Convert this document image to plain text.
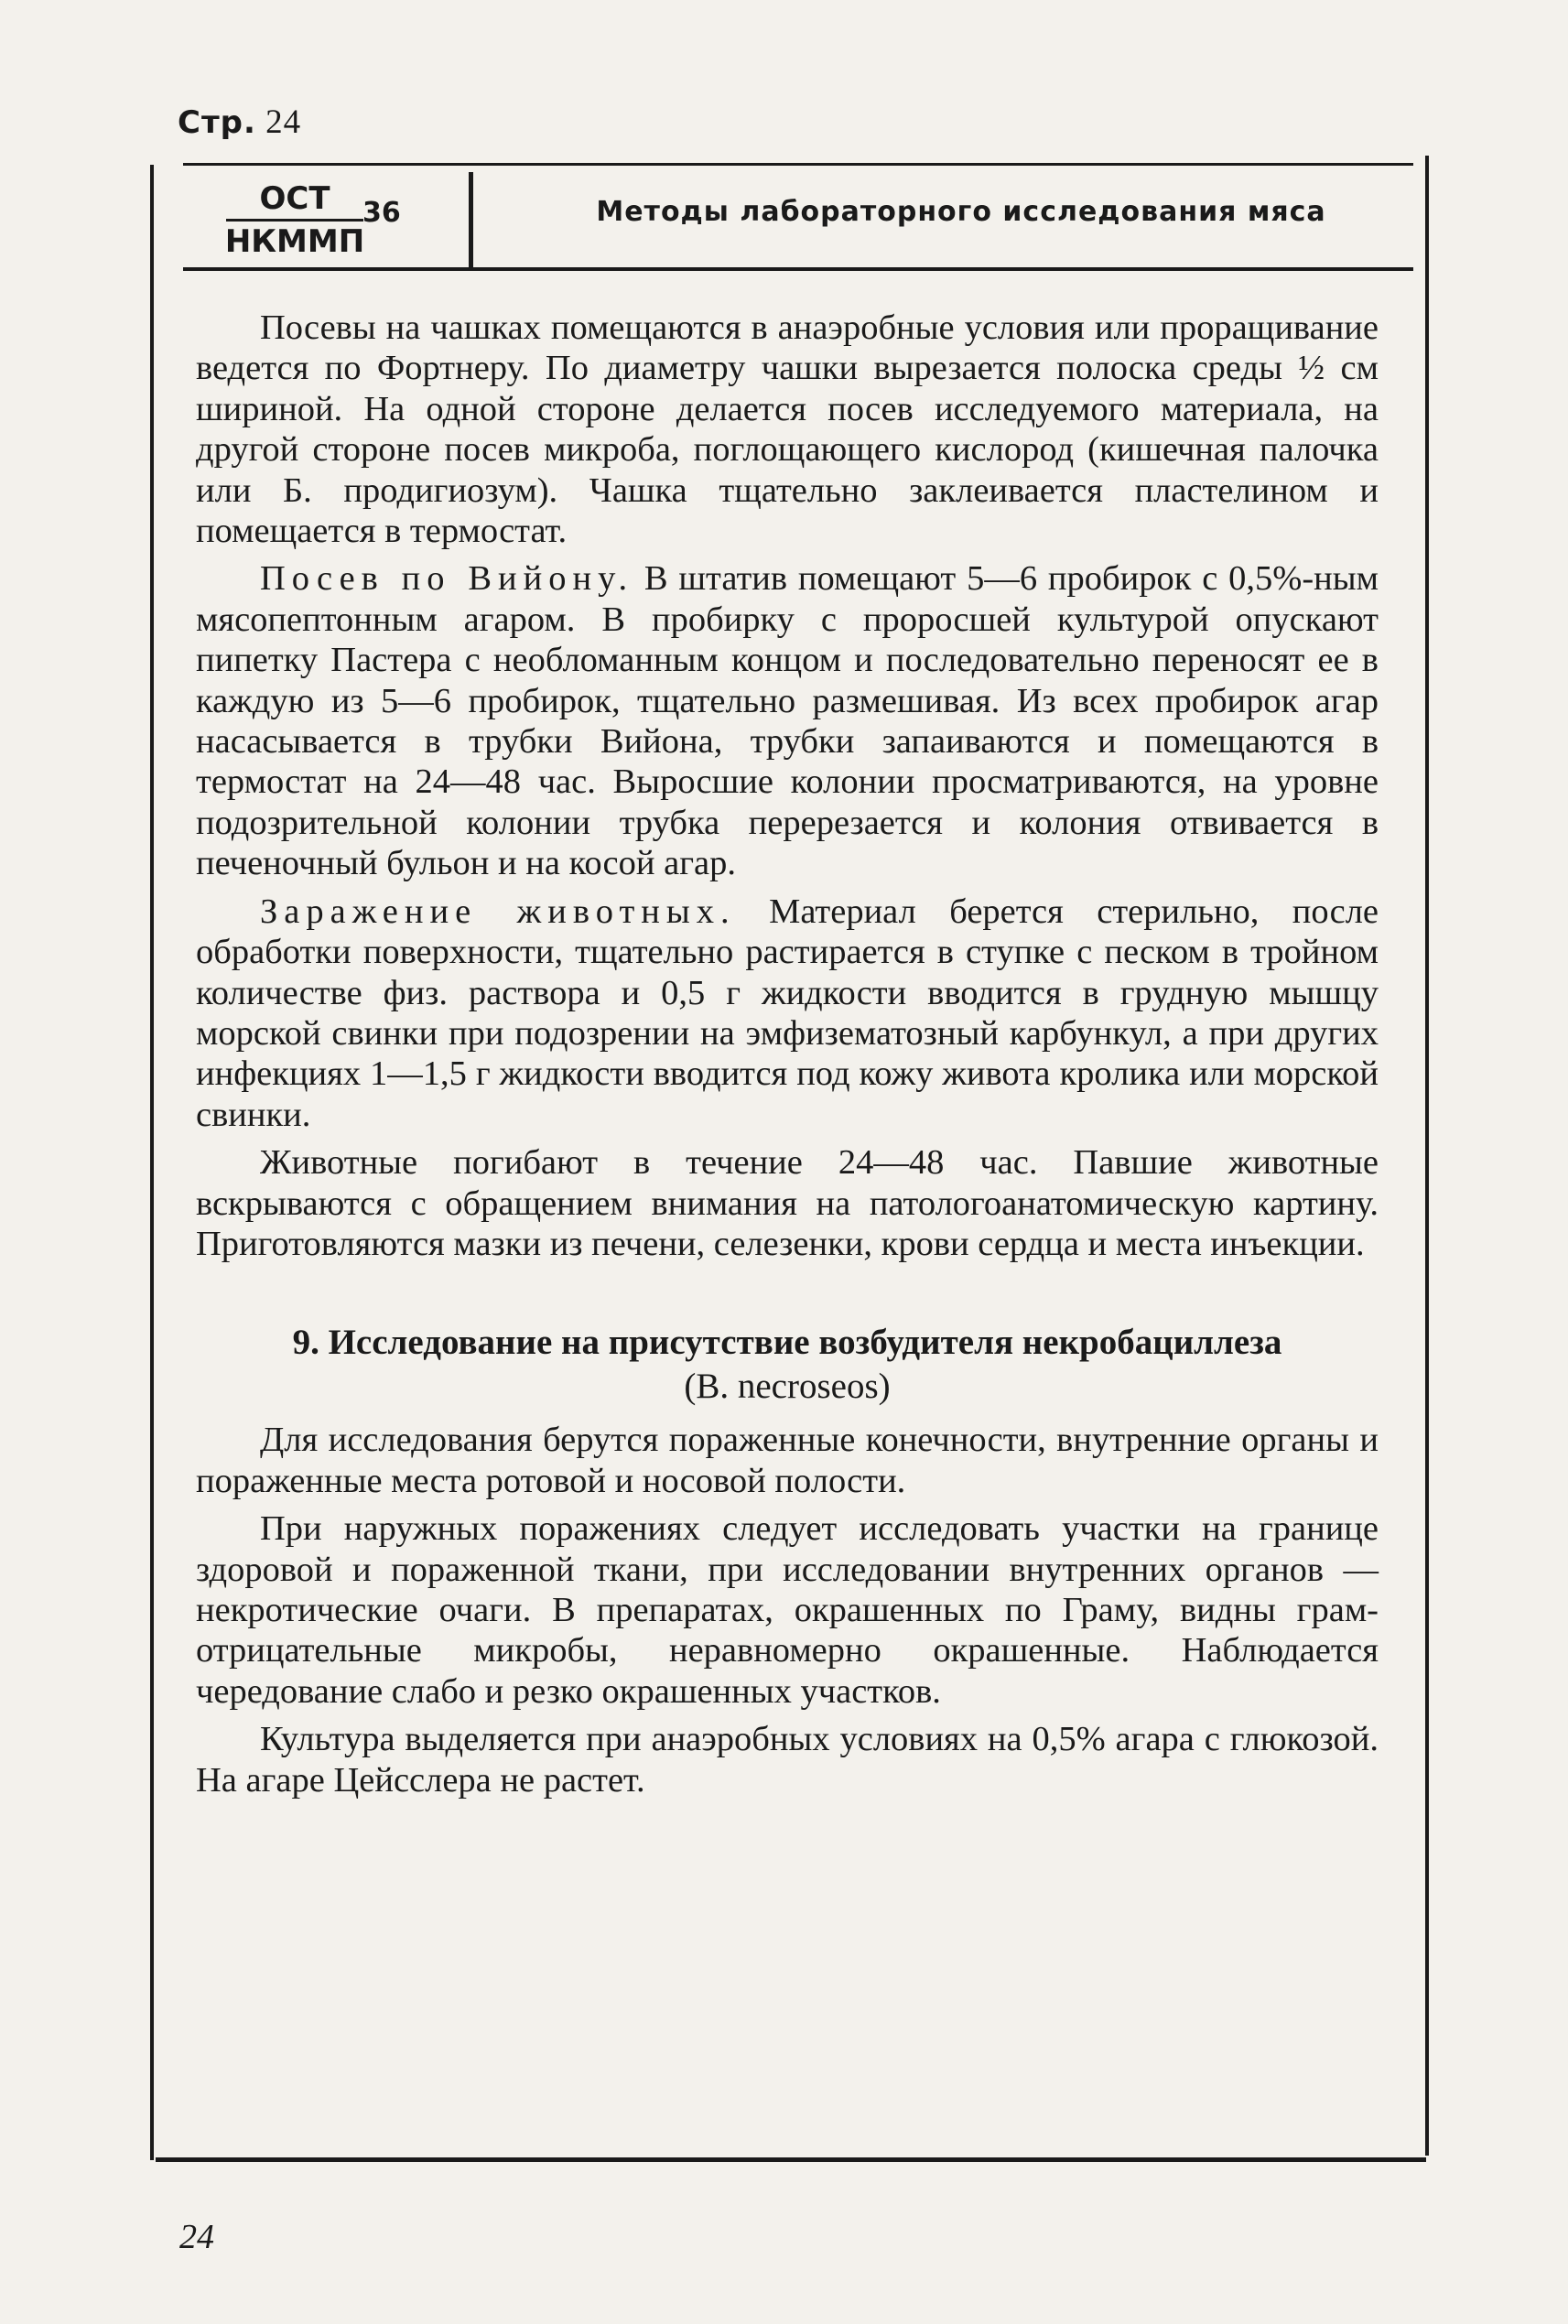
Стр. 24
ОСТ
НКММП
36	Методы лабораторного исследования мяса

Посевы на чашках помещаются в анаэробные условия или проращивание ведется по Фортнеру. По диаметру чашки вырезается полоска среды ½ см шириной. На одной стороне делается посев исследуемого материала, на другой стороне посев микроба, поглощающего кислород (кишечная палочка или Б. продигиозум). Чашка тщательно заклеивается пластелином и помещается в термостат.

Посев по Вийону. В штатив помещают 5—6 пробирок с 0,5%-ным мясопептонным агаром. В пробирку с проросшей культурой опускают пипетку Пастера с необломанным концом и последовательно переносят ее в каждую из 5—6 пробирок, тщательно размешивая. Из всех пробирок агар насасывается в трубки Вийона, трубки запаиваются и помещаются в термостат на 24—48 час. Выросшие колонии просматриваются, на уровне подозрительной колонии трубка перерезается и колония отвивается в печеночный бульон и на косой агар.

Заражение животных. Материал берется стерильно, после обработки поверхности, тщательно растирается в ступке с песком в тройном количестве физ. раствора и 0,5 г жидкости вводится в грудную мышцу морской свинки при подозрении на эмфизематозный карбункул, а при других инфекциях 1—1,5 г жидкости вводится под кожу живота кролика или морской свинки.

Животные погибают в течение 24—48 час. Павшие животные вскрываются с обращением внимания на патологоанатомическую картину. Приготовляются мазки из печени, селезенки, крови сердца и места инъекции.

9. Исследование на присутствие возбудителя некробациллеза
(B. necroseos)

Для исследования берутся пораженные конечности, внутренние органы и пораженные места ротовой и носовой полости.

При наружных поражениях следует исследовать участки на границе здоровой и пораженной ткани, при исследовании внутренних органов — некротические очаги. В препаратах, окрашенных по Граму, видны грам-отрицательные микробы, неравномерно окрашенные. Наблюдается чередование слабо и резко окрашенных участков.

Культура выделяется при анаэробных условиях на 0,5% агара с глюкозой. На агаре Цейсслера не растет.

24
